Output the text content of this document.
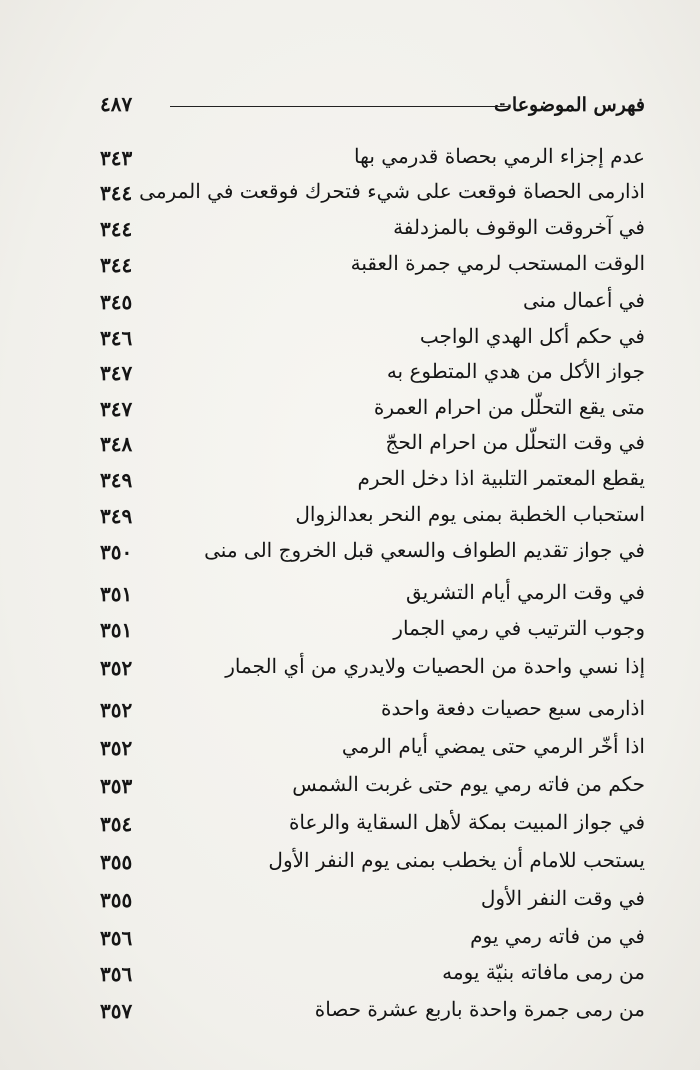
فهرس الموضوعات
٤٨٧
عدم إجزاء الرمي بحصاة قدرمي بها
٣٤٣
اذارمى الحصاة فوقعت على شيء فتحرك فوقعت في المرمى
٣٤٤
في آخروقت الوقوف بالمزدلفة
٣٤٤
الوقت المستحب لرمي جمرة العقبة
٣٤٤
في أعمال منى
٣٤٥
في حكم أكل الهدي الواجب
٣٤٦
جواز الأكل من هدي المتطوع به
٣٤٧
متى يقع التحلّل من احرام العمرة
٣٤٧
في وقت التحلّل من احرام الحجّ
٣٤٨
يقطع المعتمر التلبية اذا دخل الحرم
٣٤٩
استحباب الخطبة بمنى يوم النحر بعدالزوال
٣٤٩
في جواز تقديم الطواف والسعي قبل الخروج الى منى
٣٥٠
في وقت الرمي أيام التشريق
٣٥١
وجوب الترتيب في رمي الجمار
٣٥١
إذا نسي واحدة من الحصيات ولايدري من أي الجمار
٣٥٢
اذارمى سبع حصيات دفعة واحدة
٣٥٢
اذا أخّر الرمي حتى يمضي أيام الرمي
٣٥٢
حكم من فاته رمي يوم حتى غربت الشمس
٣٥٣
في جواز المبيت بمكة لأهل السقاية والرعاة
٣٥٤
يستحب للامام أن يخطب بمنى يوم النفر الأول
٣٥٥
في وقت النفر الأول
٣٥٥
في من فاته رمي يوم
٣٥٦
من رمى مافاته بنيّة يومه
٣٥٦
من رمى جمرة واحدة باربع عشرة حصاة
٣٥٧
